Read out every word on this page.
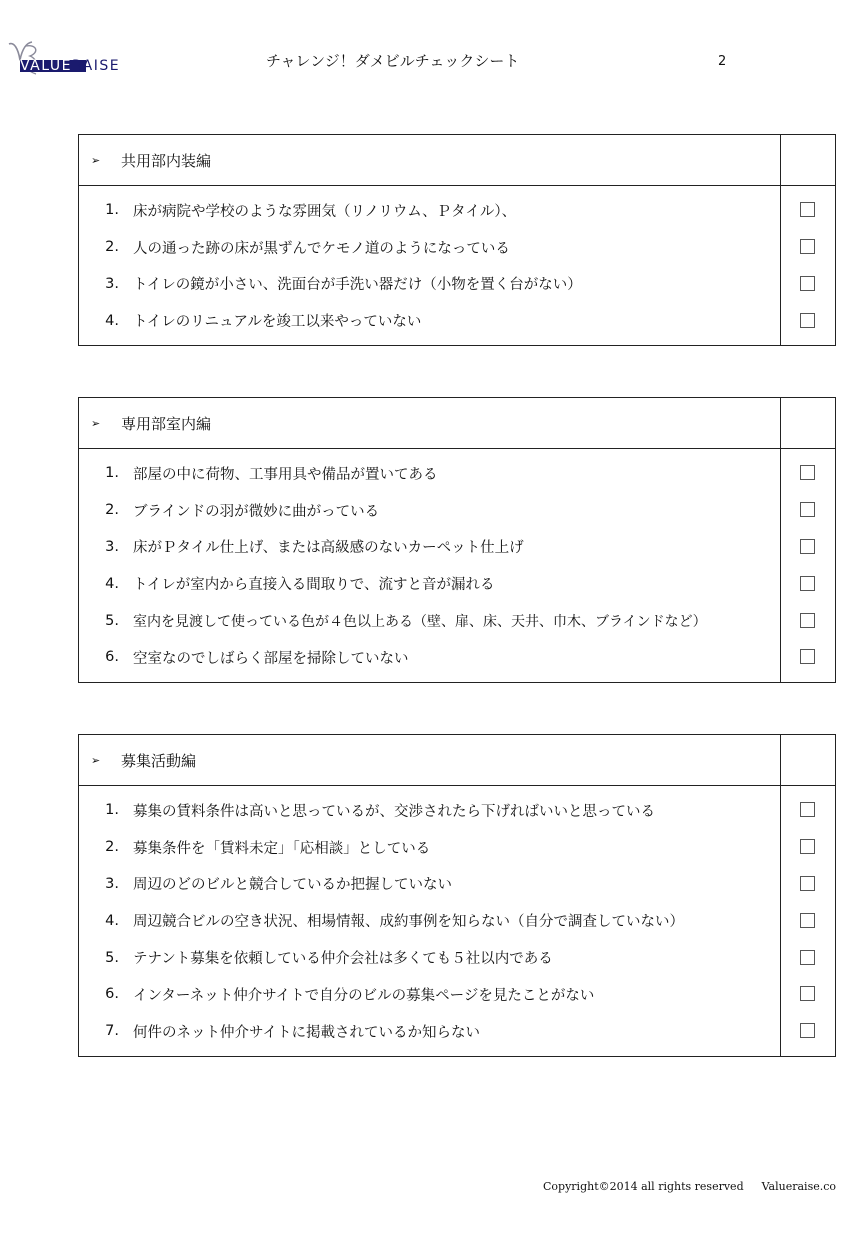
VALUERAISE	チャレンジ！ダメビルチェックシート	2
➢	共用部内装編
1. 床が病院や学校のような雰囲気（リノリウム、Ｐタイル）、
2. 人の通った跡の床が黒ずんでケモノ道のようになっている
3. トイレの鏡が小さい、洗面台が手洗い器だけ（小物を置く台がない）
4. トイレのリニュアルを竣工以来やっていない
➢	専用部室内編
1. 部屋の中に荷物、工事用具や備品が置いてある
2. ブラインドの羽が微妙に曲がっている
3. 床がＰタイル仕上げ、または高級感のないカーペット仕上げ
4. トイレが室内から直接入る間取りで、流すと音が漏れる
5. 室内を見渡して使っている色が４色以上ある（壁、扉、床、天井、巾木、ブラインドなど）
6. 空室なのでしばらく部屋を掃除していない
➢	募集活動編
1. 募集の賃料条件は高いと思っているが、交渉されたら下げればいいと思っている
2. 募集条件を「賃料未定」「応相談」としている
3. 周辺のどのビルと競合しているか把握していない
4. 周辺競合ビルの空き状況、相場情報、成約事例を知らない（自分で調査していない）
5. テナント募集を依頼している仲介会社は多くても５社以内である
6. インターネット仲介サイトで自分のビルの募集ページを見たことがない
7. 何件のネット仲介サイトに掲載されているか知らない
Copyright©2014 all rights reserved Valueraise.co
